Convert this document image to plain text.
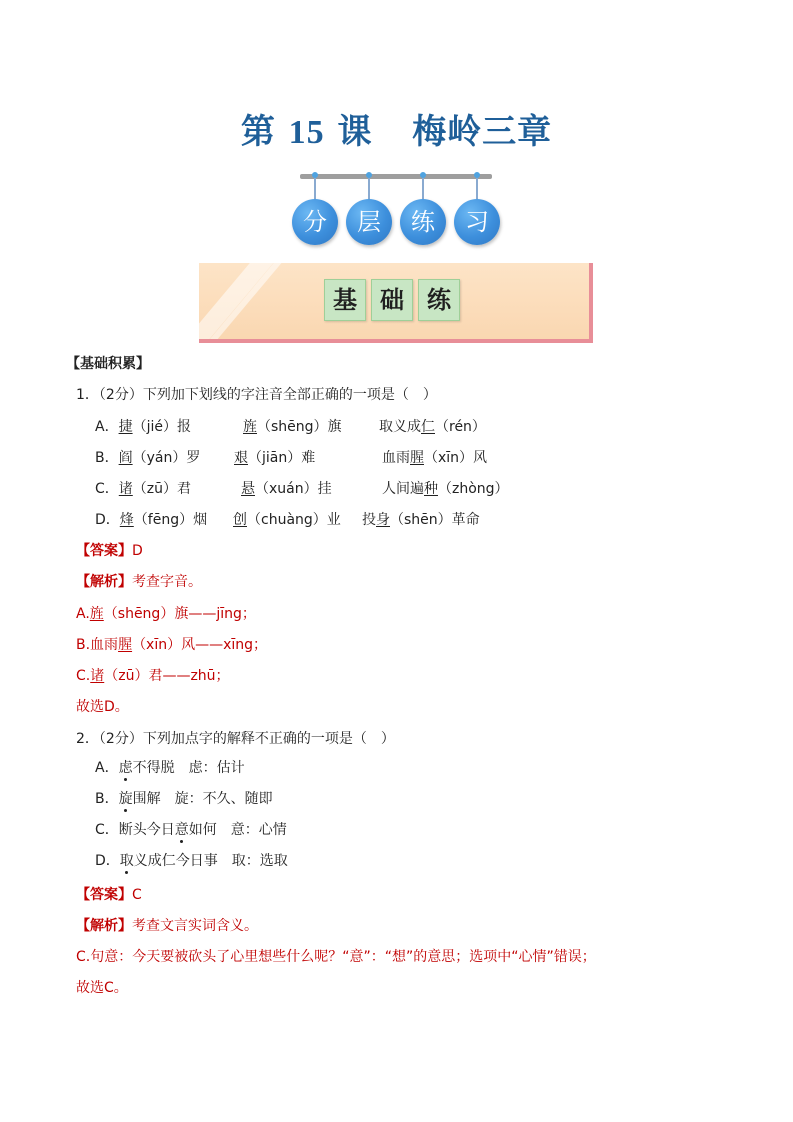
第 15 课 梅岭三章
分	层	练	习
基 础 练
【基础积累】
1．（2分）下列加下划线的字注音全部正确的一项是（　）
A．捷（jié）报	旌（shēng）旗	取义成仁（rén）
B．阎（yán）罗 艰（jiān）难	血雨腥（xīn）风
C．诸（zū）君	悬（xuán）挂	人间遍种（zhòng）
D．烽（fēng）烟 创（chuàng）业 投身（shēn）革命
【答案】D
【解析】考查字音。
A.旌（shēng）旗——jīng；
B.血雨腥（xīn）风——xīng；
C.诸（zū）君——zhū；
故选D。
2．（2分）下列加点字的解释不正确的一项是（　）
A．虑不得脱　虑：估计
B．旋围解　旋：不久、随即
C．断头今日意如何　意：心情
D．取义成仁今日事　取：选取
【答案】C
【解析】考查文言实词含义。
C.句意：今天要被砍头了心里想些什么呢？“意”：“想”的意思；选项中“心情”错误；
故选C。
